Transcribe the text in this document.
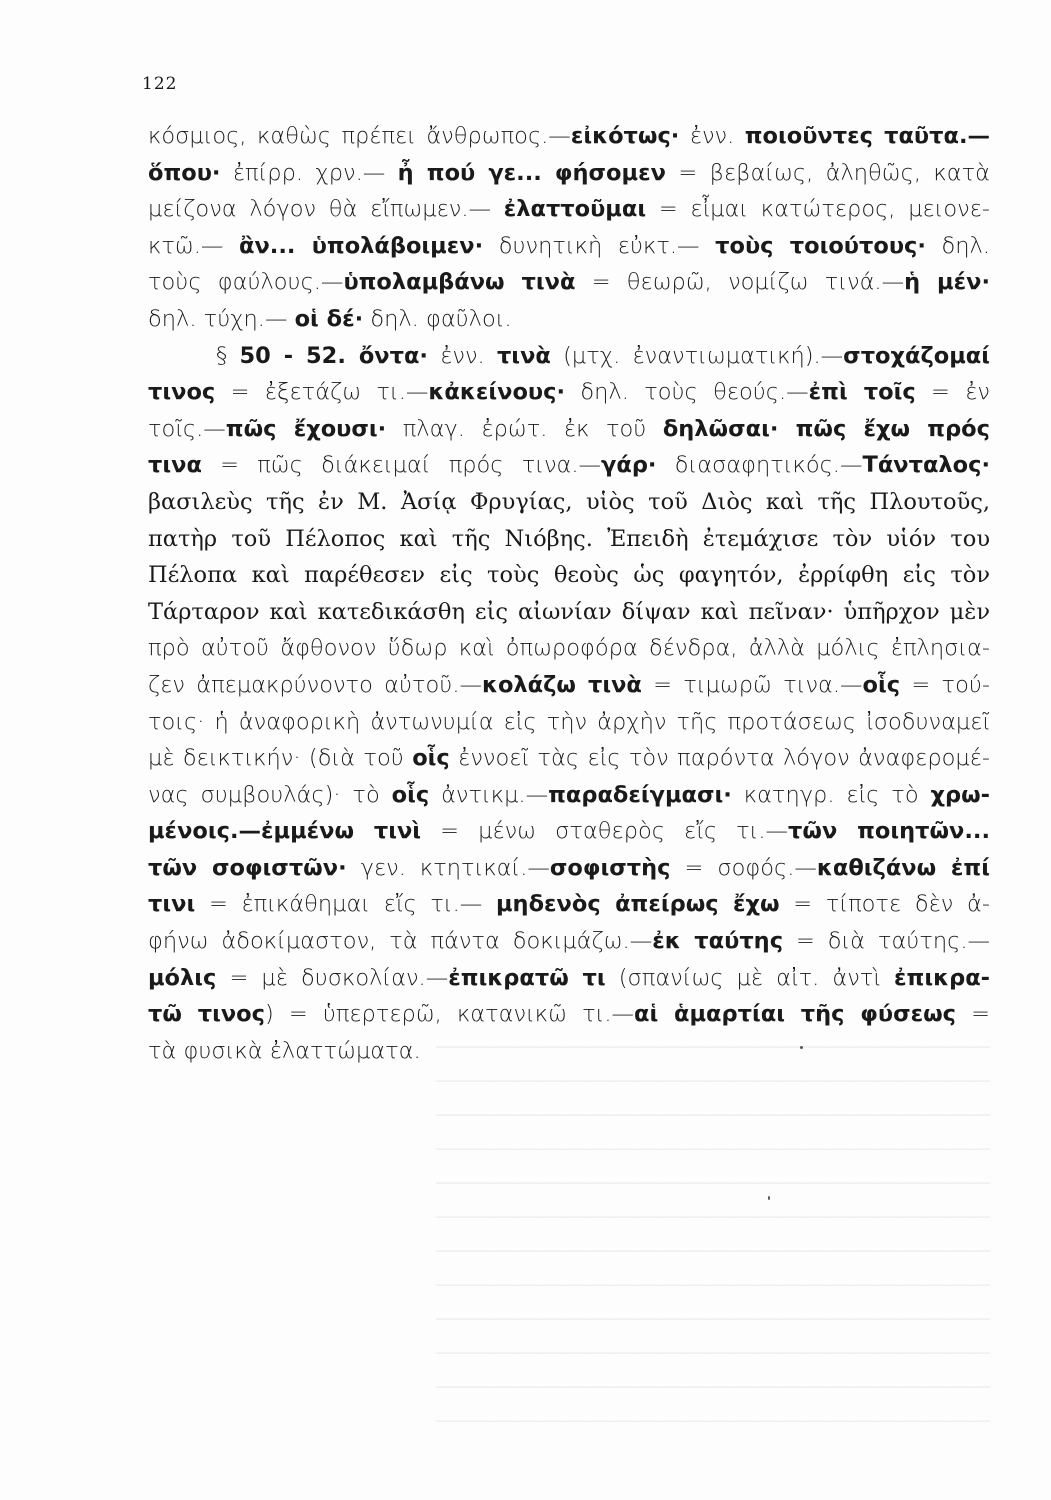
122
κόσμιος, καθὼς πρέπει ἄνθρωπος.—εἰκότως· ἐνν. ποιοῦντες ταῦτα.—
ὅπου· ἐπίρρ. χρν.— ἦ πού γε... φήσομεν = βεβαίως, ἀληθῶς, κατὰ
μείζονα λόγον θὰ εἴπωμεν.— ἐλαττοῦμαι = εἶμαι κατώτερος, μειονε-
κτῶ.— ἂν... ὑπολάβοιμεν· δυνητικὴ εὐκτ.— τοὺς τοιούτους· δηλ.
τοὺς φαύλους.—ὑπολαμβάνω τινὰ = θεωρῶ, νομίζω τινά.—ἡ μέν·
δηλ. τύχη.— οἱ δέ· δηλ. φαῦλοι.
§ 50 - 52. ὄντα· ἐνν. τινὰ (μτχ. ἐναντιωματική).—στοχάζομαί
τινος = ἐξετάζω τι.—κἀκείνους· δηλ. τοὺς θεούς.—ἐπὶ τοῖς = ἐν
τοῖς.—πῶς ἔχουσι· πλαγ. ἐρώτ. ἐκ τοῦ δηλῶσαι· πῶς ἔχω πρός
τινα = πῶς διάκειμαί πρός τινα.—γάρ· διασαφητικός.—Τάνταλος·
βασιλεὺς τῆς ἐν Μ. Ἀσίᾳ Φρυγίας, υἱὸς τοῦ Διὸς καὶ τῆς Πλουτοῦς,
πατὴρ τοῦ Πέλοπος καὶ τῆς Νιόβης. Ἐπειδὴ ἐτεμάχισε τὸν υἱόν του
Πέλοπα καὶ παρέθεσεν εἰς τοὺς θεοὺς ὡς φαγητόν, ἐρρίφθη εἰς τὸν
Τάρταρον καὶ κατεδικάσθη εἰς αἰωνίαν δίψαν καὶ πεῖναν· ὑπῆρχον μὲν
πρὸ αὐτοῦ ἄφθονον ὕδωρ καὶ ὀπωροφόρα δένδρα, ἀλλὰ μόλις ἐπλησια-
ζεν ἀπεμακρύνοντο αὐτοῦ.—κολάζω τινὰ = τιμωρῶ τινα.—οἷς = τού-
τοις· ἡ ἀναφορικὴ ἀντωνυμία εἰς τὴν ἀρχὴν τῆς προτάσεως ἰσοδυναμεῖ
μὲ δεικτικήν· (διὰ τοῦ οἷς ἐννοεῖ τὰς εἰς τὸν παρόντα λόγον ἀναφερομέ-
νας συμβουλάς)· τὸ οἷς ἀντικμ.—παραδείγμασι· κατηγρ. εἰς τὸ χρω-
μένοις.—ἐμμένω τινὶ = μένω σταθερὸς εἴς τι.—τῶν ποιητῶν...
τῶν σοφιστῶν· γεν. κτητικαί.—σοφιστὴς = σοφός.—καθιζάνω ἐπί
τινι = ἐπικάθημαι εἴς τι.— μηδενὸς ἀπείρως ἔχω = τίποτε δὲν ἀ-
φήνω ἀδοκίμαστον, τὰ πάντα δοκιμάζω.—ἐκ ταύτης = διὰ ταύτης.—
μόλις = μὲ δυσκολίαν.—ἐπικρατῶ τι (σπανίως μὲ αἰτ. ἀντὶ ἐπικρα-
τῶ τινος) = ὑπερτερῶ, κατανικῶ τι.—αἱ ἁμαρτίαι τῆς φύσεως =
τὰ φυσικὰ ἐλαττώματα. ──────────────────────────────────────────────
──────────────────────────────────────────────
──────────────────────────────────────────────
──────────────────────────────────────────────
──────────────────────────────────────────────
──────────────────────────────────────────────
──────────────────────────────────────────────
──────────────────────────────────────────────
──────────────────────────────────────────────
──────────────────────────────────────────────
──────────────────────────────────────────────
──────────────────────────────────────────────
